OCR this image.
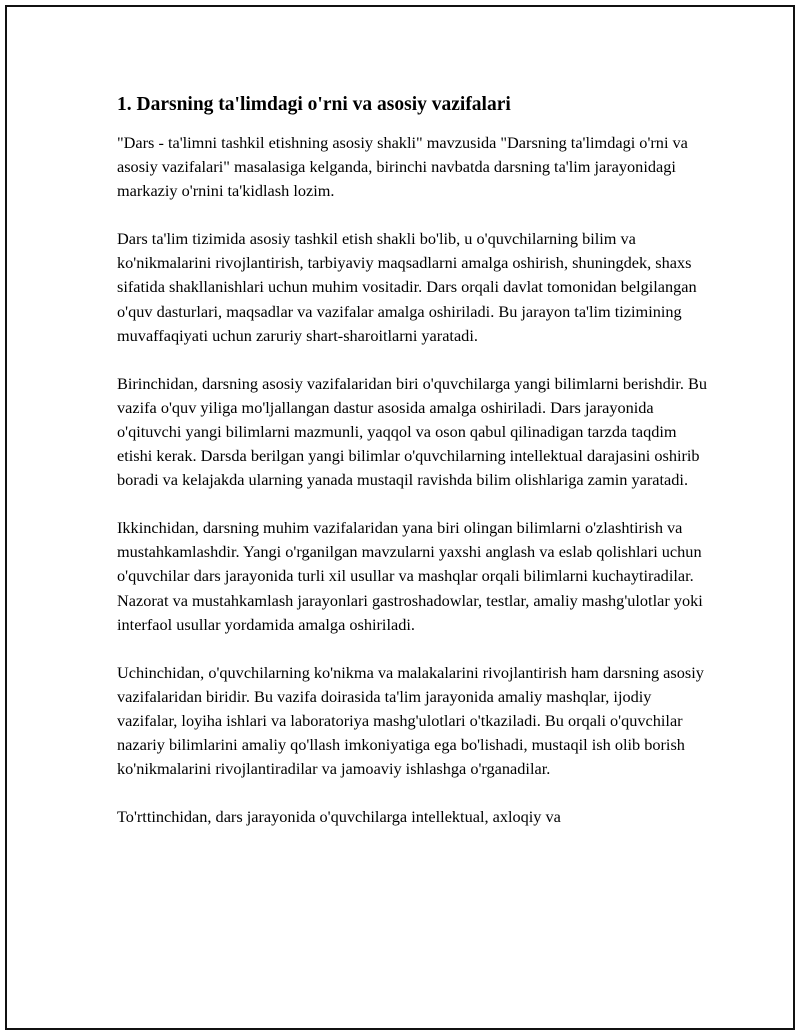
1. Darsning ta'limdagi o'rni va asosiy vazifalari

"Dars - ta'limni tashkil etishning asosiy shakli" mavzusida "Darsning ta'limdagi o'rni va asosiy vazifalari" masalasiga kelganda, birinchi navbatda darsning ta'lim jarayonidagi markaziy o'rnini ta'kidlash lozim.

Dars ta'lim tizimida asosiy tashkil etish shakli bo'lib, u o'quvchilarning bilim va ko'nikmalarini rivojlantirish, tarbiyaviy maqsadlarni amalga oshirish, shuningdek, shaxs sifatida shakllanishlari uchun muhim vositadir. Dars orqali davlat tomonidan belgilangan o'quv dasturlari, maqsadlar va vazifalar amalga oshiriladi. Bu jarayon ta'lim tizimining muvaffaqiyati uchun zaruriy shart-sharoitlarni yaratadi.

Birinchidan, darsning asosiy vazifalaridan biri o'quvchilarga yangi bilimlarni berishdir. Bu vazifa o'quv yiliga mo'ljallangan dastur asosida amalga oshiriladi. Dars jarayonida o'qituvchi yangi bilimlarni mazmunli, yaqqol va oson qabul qilinadigan tarzda taqdim etishi kerak. Darsda berilgan yangi bilimlar o'quvchilarning intellektual darajasini oshirib boradi va kelajakda ularning yanada mustaqil ravishda bilim olishlariga zamin yaratadi.

Ikkinchidan, darsning muhim vazifalaridan yana biri olingan bilimlarni o'zlashtirish va mustahkamlashdir. Yangi o'rganilgan mavzularni yaxshi anglash va eslab qolishlari uchun o'quvchilar dars jarayonida turli xil usullar va mashqlar orqali bilimlarni kuchaytiradilar. Nazorat va mustahkamlash jarayonlari gastroshadowlar, testlar, amaliy mashg'ulotlar yoki interfaol usullar yordamida amalga oshiriladi.

Uchinchidan, o'quvchilarning ko'nikma va malakalarini rivojlantirish ham darsning asosiy vazifalaridan biridir. Bu vazifa doirasida ta'lim jarayonida amaliy mashqlar, ijodiy vazifalar, loyiha ishlari va laboratoriya mashg'ulotlari o'tkaziladi. Bu orqali o'quvchilar nazariy bilimlarini amaliy qo'llash imkoniyatiga ega bo'lishadi, mustaqil ish olib borish ko'nikmalarini rivojlantiradilar va jamoaviy ishlashga o'rganadilar.

To'rttinchidan, dars jarayonida o'quvchilarga intellektual, axloqiy va
